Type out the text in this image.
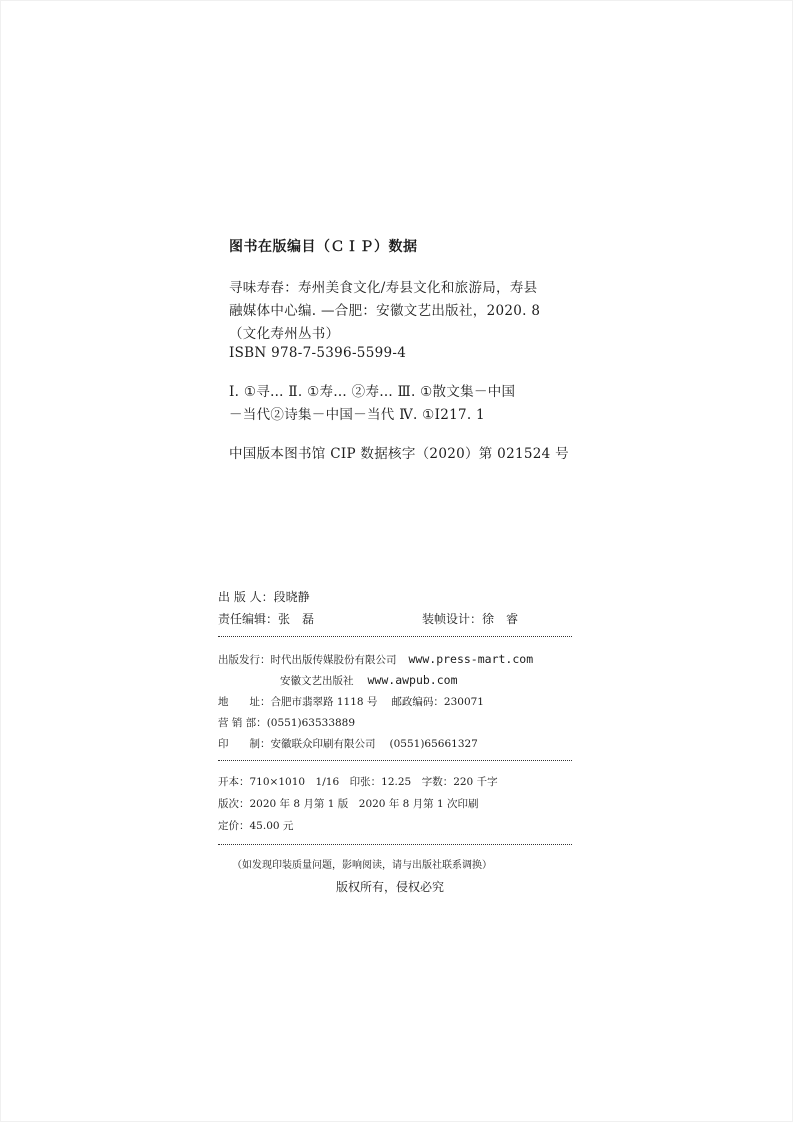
图书在版编目（ＣＩＰ）数据
寻味寿春：寿州美食文化/寿县文化和旅游局，寿县
融媒体中心编. —合肥：安徽文艺出版社，2020. 8
（文化寿州丛书）
ISBN 978-7-5396-5599-4
Ⅰ. ①寻… Ⅱ. ①寿… ②寿… Ⅲ. ①散文集－中国
－当代②诗集－中国－当代 Ⅳ. ①I217. 1
中国版本图书馆 CIP 数据核字（2020）第 021524 号
出 版 人：段晓静
责任编辑：张　磊	装帧设计：徐　睿
出版发行：时代出版传媒股份有限公司 www.press-mart.com
安徽文艺出版社 www.awpub.com
地　　址：合肥市翡翠路 1118 号 邮政编码：230071
营 销 部：(0551)63533889
印　　制：安徽联众印刷有限公司 (0551)65661327
开本：710×1010　1/16　印张：12.25　字数：220 千字
版次：2020 年 8 月第 1 版　2020 年 8 月第 1 次印刷
定价：45.00 元
（如发现印装质量问题，影响阅读，请与出版社联系调换）
版权所有，侵权必究
